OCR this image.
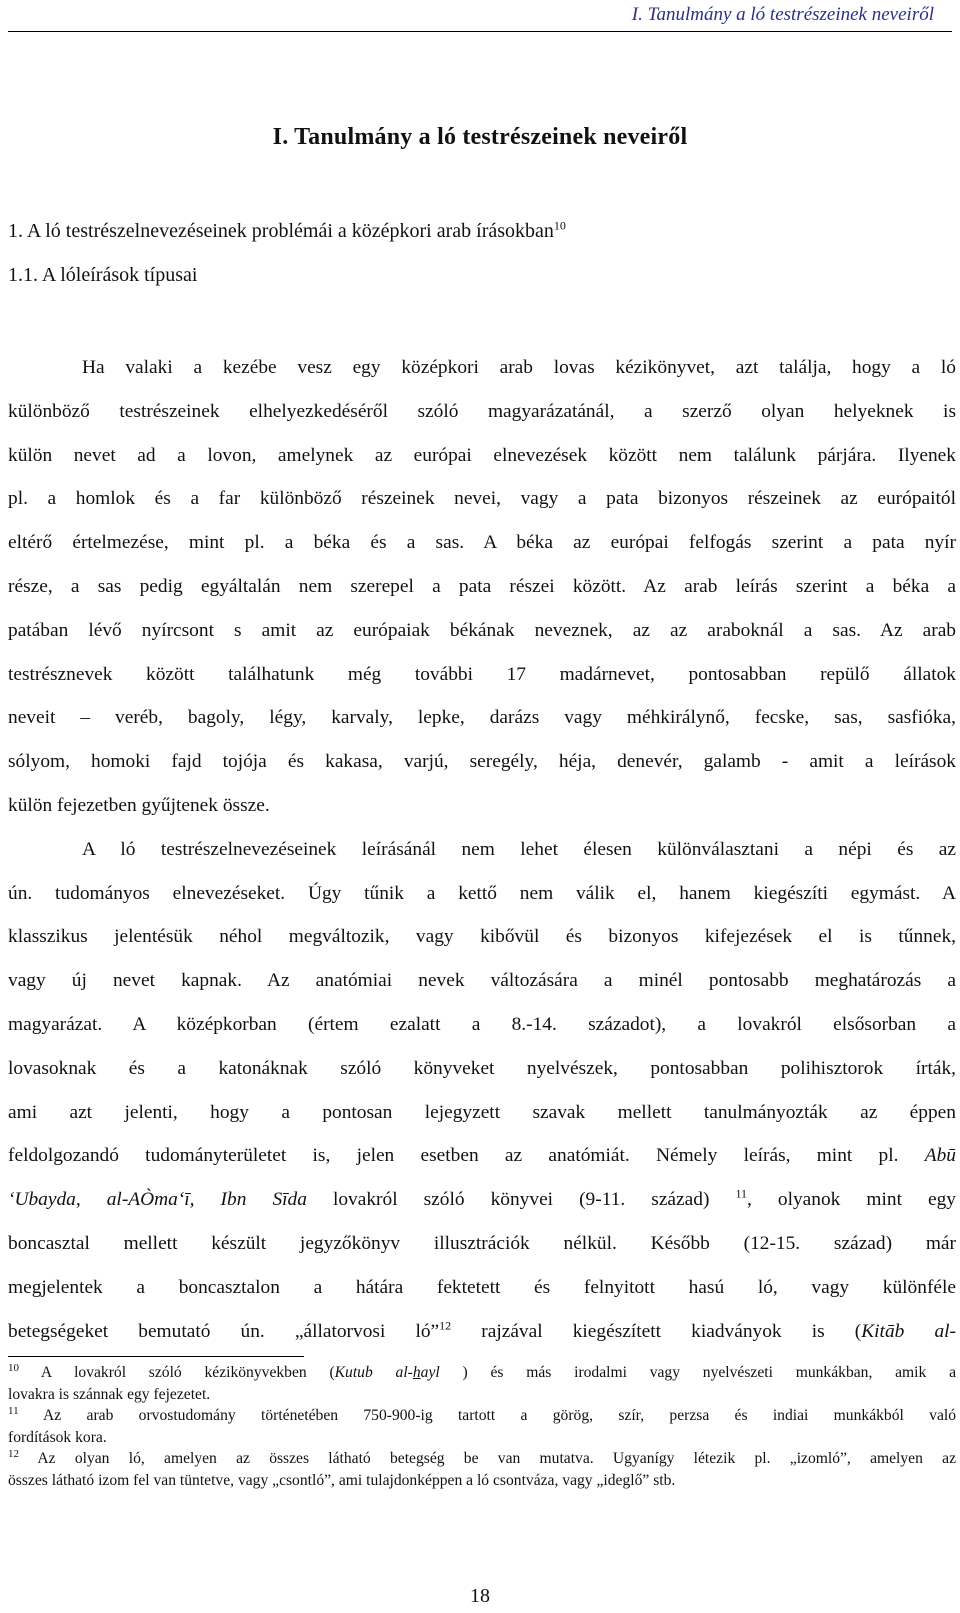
I. Tanulmány a ló testrészeinek neveiről
I. Tanulmány a ló testrészeinek neveiről
1. A ló testrészelnevezéseinek problémái a középkori arab írásokban$^{10}$
1.1. A lóleírások típusai
Ha valaki a kezébe vesz egy középkori arab lovas kézikönyvet, azt találja, hogy a ló
különböző testrészeinek elhelyezkedéséről szóló magyarázatánál, a szerző olyan helyeknek is
külön nevet ad a lovon, amelynek az európai elnevezések között nem találunk párjára. Ilyenek
pl. a homlok és a far különböző részeinek nevei, vagy a pata bizonyos részeinek az európaitól
eltérő értelmezése, mint pl. a béka és a sas. A béka az európai felfogás szerint a pata nyír
része, a sas pedig egyáltalán nem szerepel a pata részei között. Az arab leírás szerint a béka a
patában lévő nyírcsont s amit az európaiak békának neveznek, az az araboknál a sas. Az arab
testrésznevek között találhatunk még további 17 madárnevet, pontosabban repülő állatok
neveit – veréb, bagoly, légy, karvaly, lepke, darázs vagy méhkirálynő, fecske, sas, sasfióka,
sólyom, homoki fajd tojója és kakasa, varjú, seregély, héja, denevér, galamb - amit a leírások
külön fejezetben gyűjtenek össze.
A ló testrészelnevezéseinek leírásánál nem lehet élesen különválasztani a népi és az
ún. tudományos elnevezéseket. Úgy tűnik a kettő nem válik el, hanem kiegészíti egymást. A
klasszikus jelentésük néhol megváltozik, vagy kibővül és bizonyos kifejezések el is tűnnek,
vagy új nevet kapnak. Az anatómiai nevek változására a minél pontosabb meghatározás a
magyarázat. A középkorban (értem ezalatt a 8.-14. századot), a lovakról elsősorban a
lovasoknak és a katonáknak szóló könyveket nyelvészek, pontosabban polihisztorok írták,
ami azt jelenti, hogy a pontosan lejegyzett szavak mellett tanulmányozták az éppen
feldolgozandó tudományterületet is, jelen esetben az anatómiát. Némely leírás, mint pl. Abū
‘Ubayda, al-AÒma‘ī, Ibn Sīda lovakról szóló könyvei (9-11. század) $^{11}$, olyanok mint egy
boncasztal mellett készült jegyzőkönyv illusztrációk nélkül. Később (12-15. század) már
megjelentek a boncasztalon a hátára fektetett és felnyitott hasú ló, vagy különféle
betegségeket bemutató ún. „állatorvosi ló”$^{12}$ rajzával kiegészített kiadványok is (Kitāb al-
$^{10}$ A lovakról szóló kézikönyvekben (Kutub al-hayl ) és más irodalmi vagy nyelvészeti munkákban, amik a
lovakra is szánnak egy fejezetet.
$^{11}$ Az arab orvostudomány történetében 750-900-ig tartott a görög, szír, perzsa és indiai munkákból való
fordítások kora.
$^{12}$ Az olyan ló, amelyen az összes látható betegség be van mutatva. Ugyanígy létezik pl. „izomló”, amelyen az
összes látható izom fel van tüntetve, vagy „csontló”, ami tulajdonképpen a ló csontváza, vagy „ideglő” stb.
18
